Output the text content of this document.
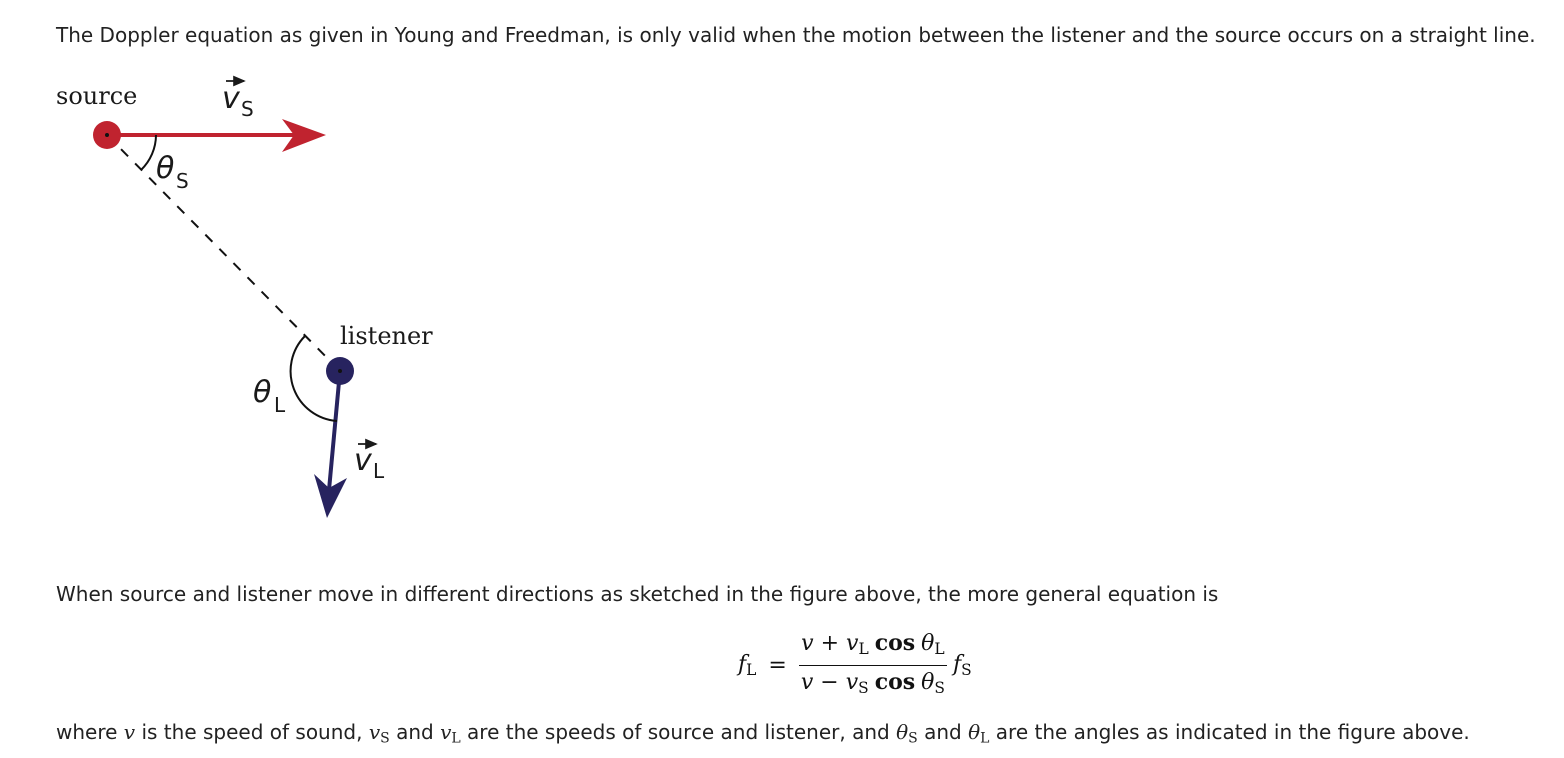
The Doppler equation as given in Young and Freedman, is only valid when the motion between the listener and the source occurs on a straight line.
source
listener
v S
v L
θ S
θ L
When source and listener move in different directions as sketched in the figure above, the more general equation is
fL = $\frac{\text{v + vL cos θL}}{\text{v − vS cos θS}}$ fS
where v is the speed of sound, vS and vL are the speeds of source and listener, and θS and θL are the angles as indicated in the figure above.
